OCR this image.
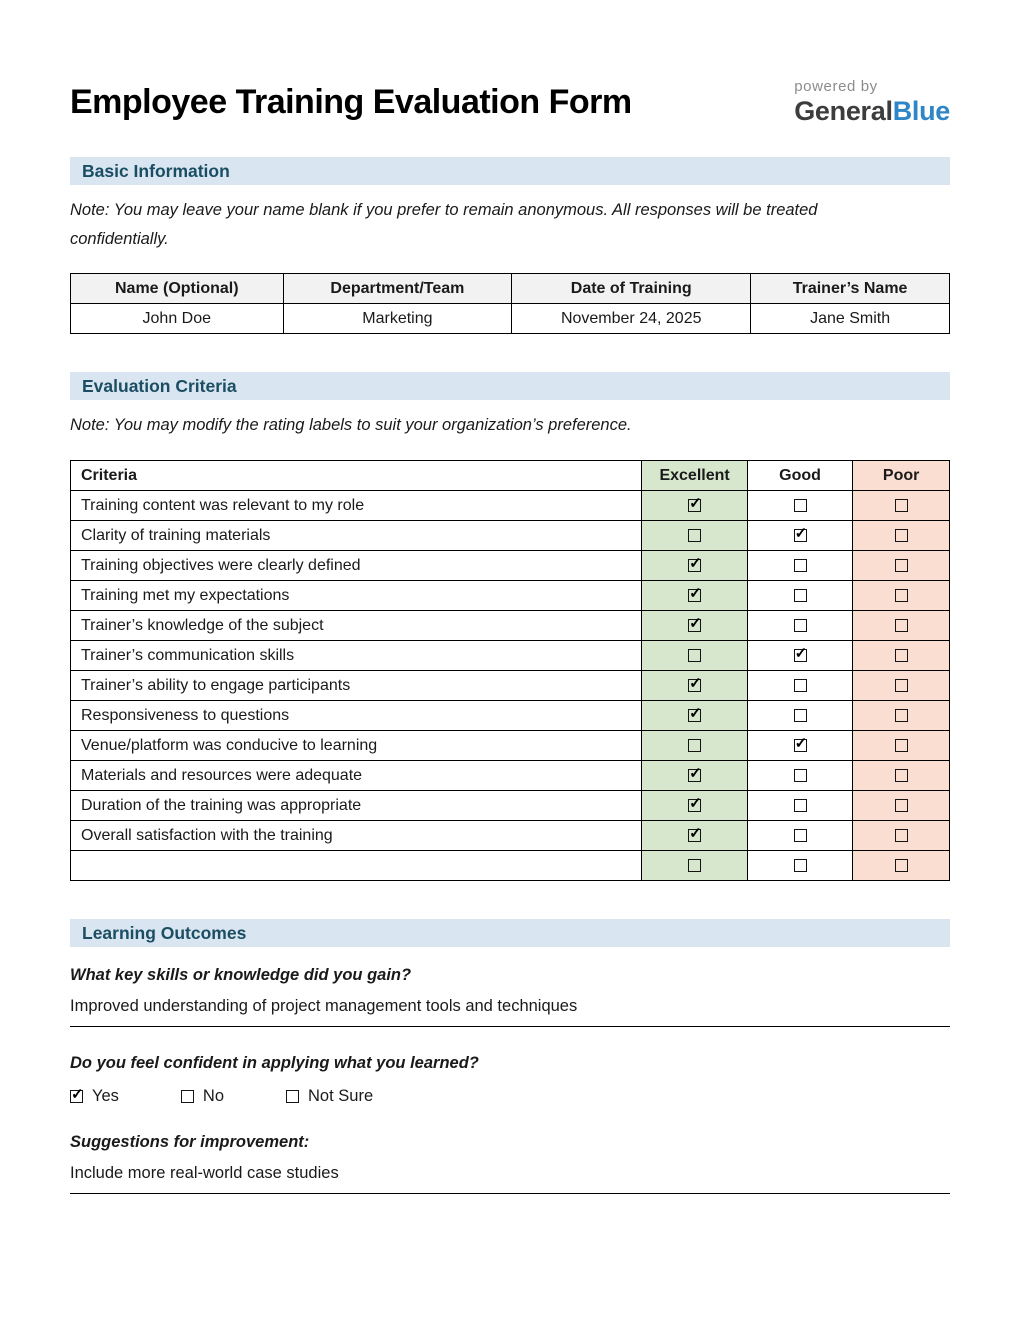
Employee Training Evaluation Form	powered by
GeneralBlue
Basic Information

Note: You may leave your name blank if you prefer to remain anonymous. All responses will be treated confidentially.

Name (Optional)	Department/Team	Date of Training	Trainer’s Name
John Doe	Marketing	November 24, 2025	Jane Smith
Evaluation Criteria

Note: You may modify the rating labels to suit your organization’s preference.

Criteria	Excellent	Good	Poor
Training content was relevant to my role	✓		
Clarity of training materials		✓	
Training objectives were clearly defined	✓		
Training met my expectations	✓		
Trainer’s knowledge of the subject	✓		
Trainer’s communication skills		✓	
Trainer’s ability to engage participants	✓		
Responsiveness to questions	✓		
Venue/platform was conducive to learning		✓	
Materials and resources were adequate	✓		
Duration of the training was appropriate	✓		
Overall satisfaction with the training	✓		

Learning Outcomes

What key skills or knowledge did you gain?

Improved understanding of project management tools and techniques

Do you feel confident in applying what you learned?

✓
Yes	No	Not Sure

Suggestions for improvement:

Include more real-world case studies
